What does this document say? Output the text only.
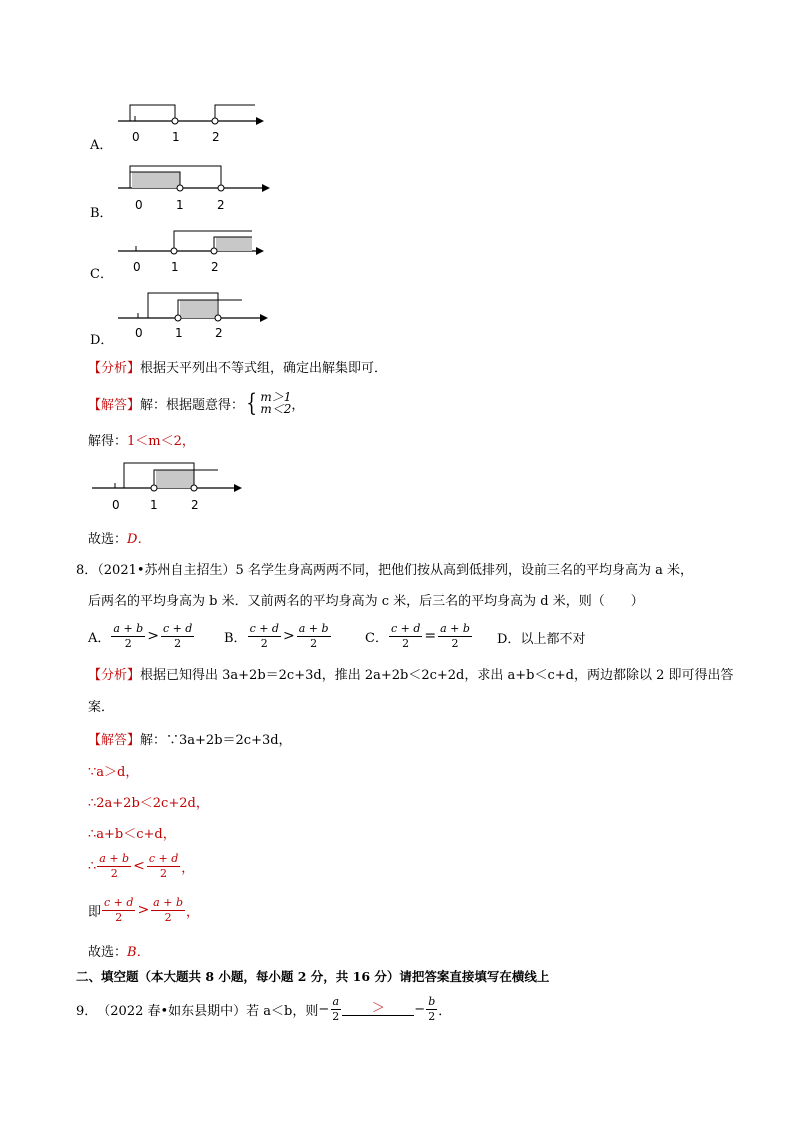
A．
0	1	2
B．
0	1	2
C． 0	1	2
D． 0	1	2
【分析】根据天平列出不等式组，确定出解集即可．
【解答】 解：根据题意得： { m＞1
m＜2 ，
解得：1＜m＜2，
0	1	2
故选：D．
8．（2021•苏州自主招生）5 名学生身高两两不同，把他们按从高到低排列，设前三名的平均身高为 a 米，
后两名的平均身高为 b 米．又前两名的平均身高为 c 米，后三名的平均身高为 d 米，则（　　）
A． $\frac{a + b}{2} > \frac{c + d}{2}$ B． $\frac{c + d}{2} > \frac{a + b}{2}$	C． $\frac{c + d}{2} = \frac{a + b}{2}$ D．以上都不对
【分析】根据已知得出 3a+2b＝2c+3d，推出 2a+2b＜2c+2d，求出 a+b＜c+d，两边都除以 2 即可得出答
案．
【解答】解：∵3a+2b＝2c+3d，
∵a＞d，
∴2a+2b＜2c+2d，
∴a+b＜c+d，
∴ $\frac{a + b}{2} < \frac{c + d}{2}$ ，
即 $\frac{c + d}{2} > \frac{a + b}{2}$ ，
故选：B．
二、填空题（本大题共 8 小题，每小题 2 分，共 16 分）请把答案直接填写在横线上
9． （2022 春•如东县期中） 若 a＜b，则 − $\frac{a}{2}$	＞	− $\frac{b}{2}$ ．
